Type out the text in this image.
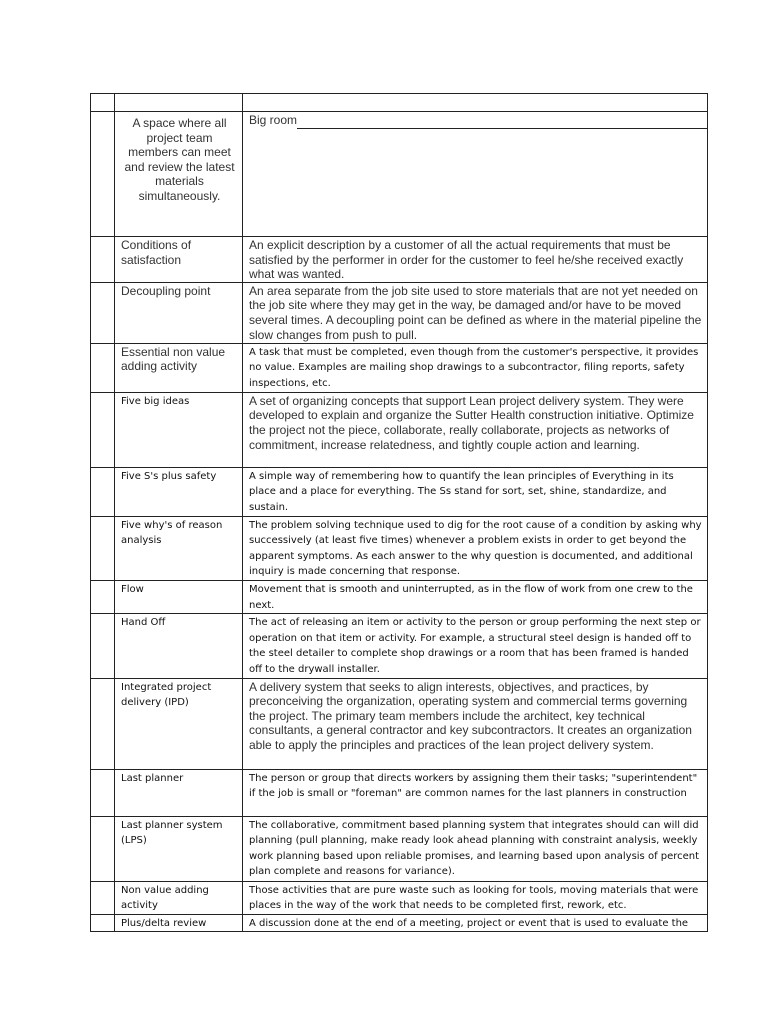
	A space where all project team members can meet and review the latest materials simultaneously.	Big room

	Conditions of satisfaction	An explicit description by a customer of all the actual requirements that must be satisfied by the performer in order for the customer to feel he/she received exactly what was wanted.
	Decoupling point	An area separate from the job site used to store materials that are not yet needed on the job site where they may get in the way, be damaged and/or have to be moved several times. A decoupling point can be defined as where in the material pipeline the slow changes from push to pull.
	Essential non value adding activity	A task that must be completed, even though from the customer's perspective, it provides no value. Examples are mailing shop drawings to a subcontractor, filing reports, safety inspections, etc.
	Five big ideas	A set of organizing concepts that support Lean project delivery system. They were developed to explain and organize the Sutter Health construction initiative. Optimize the project not the piece, collaborate, really collaborate, projects as networks of commitment, increase relatedness, and tightly couple action and learning.
	Five S's plus safety	A simple way of remembering how to quantify the lean principles of Everything in its place and a place for everything. The Ss stand for sort, set, shine, standardize, and sustain.
	Five why's of reason analysis	The problem solving technique used to dig for the root cause of a condition by asking why successively (at least five times) whenever a problem exists in order to get beyond the apparent symptoms. As each answer to the why question is documented, and additional inquiry is made concerning that response.
	Flow	Movement that is smooth and uninterrupted, as in the flow of work from one crew to the next.
	Hand Off	The act of releasing an item or activity to the person or group performing the next step or operation on that item or activity. For example, a structural steel design is handed off to the steel detailer to complete shop drawings or a room that has been framed is handed off to the drywall installer.
	Integrated project delivery (IPD)	A delivery system that seeks to align interests, objectives, and practices, by preconceiving the organization, operating system and commercial terms governing the project. The primary team members include the architect, key technical consultants, a general contractor and key subcontractors. It creates an organization able to apply the principles and practices of the lean project delivery system.
	Last planner	The person or group that directs workers by assigning them their tasks; "superintendent" if the job is small or "foreman" are common names for the last planners in construction
	Last planner system (LPS)	The collaborative, commitment based planning system that integrates should can will did planning (pull planning, make ready look ahead planning with constraint analysis, weekly work planning based upon reliable promises, and learning based upon analysis of percent plan complete and reasons for variance).
	Non value adding activity	Those activities that are pure waste such as looking for tools, moving materials that were places in the way of the work that needs to be completed first, rework, etc.
	Plus/delta review	A discussion done at the end of a meeting, project or event that is used to evaluate the
